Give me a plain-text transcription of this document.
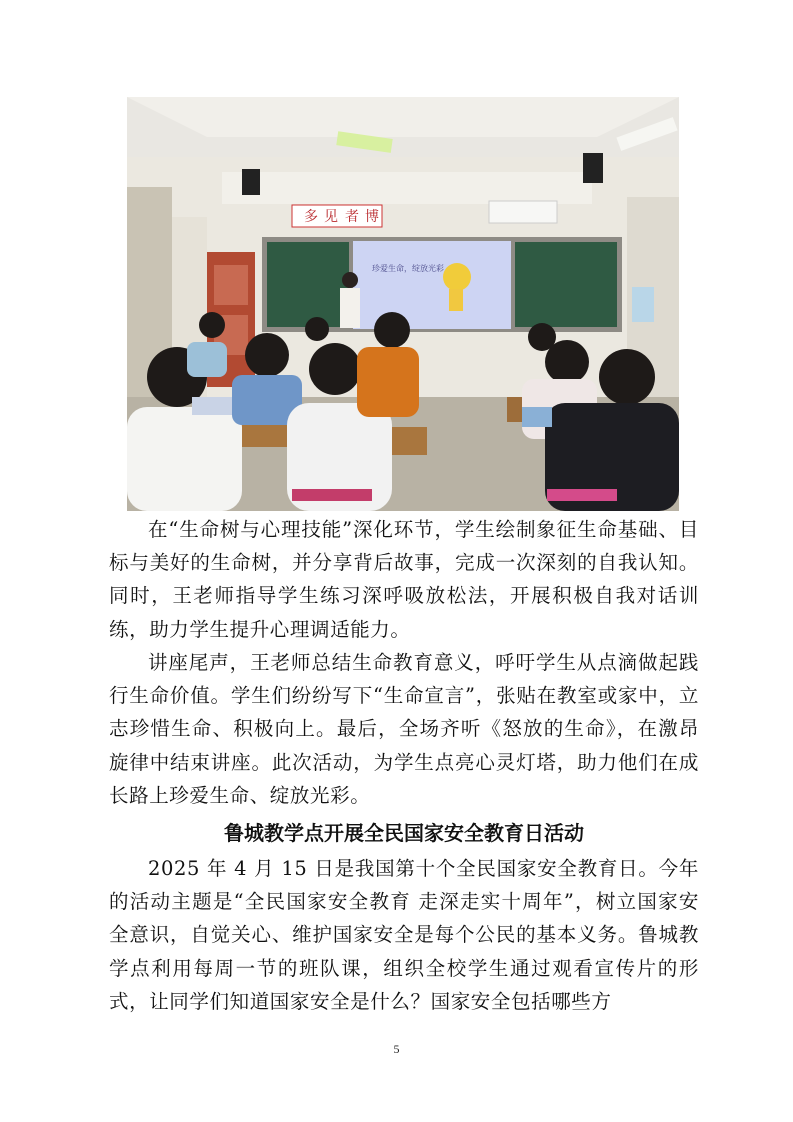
多 见 者 博
珍爱生命，绽放光彩

在“生命树与心理技能”深化环节，学生绘制象征生命基础、目标与美好的生命树，并分享背后故事，完成一次深刻的自我认知。同时，王老师指导学生练习深呼吸放松法，开展积极自我对话训练，助力学生提升心理调适能力。

讲座尾声，王老师总结生命教育意义，呼吁学生从点滴做起践行生命价值。学生们纷纷写下“生命宣言”，张贴在教室或家中，立志珍惜生命、积极向上。最后，全场齐听《怒放的生命》，在激昂旋律中结束讲座。此次活动，为学生点亮心灵灯塔，助力他们在成长路上珍爱生命、绽放光彩。

鲁城教学点开展全民国家安全教育日活动

2025 年 4 月 15 日是我国第十个全民国家安全教育日。今年的活动主题是“全民国家安全教育 走深走实十周年”，树立国家安全意识，自觉关心、维护国家安全是每个公民的基本义务。鲁城教学点利用每周一节的班队课，组织全校学生通过观看宣传片的形式，让同学们知道国家安全是什么？国家安全包括哪些方

5
